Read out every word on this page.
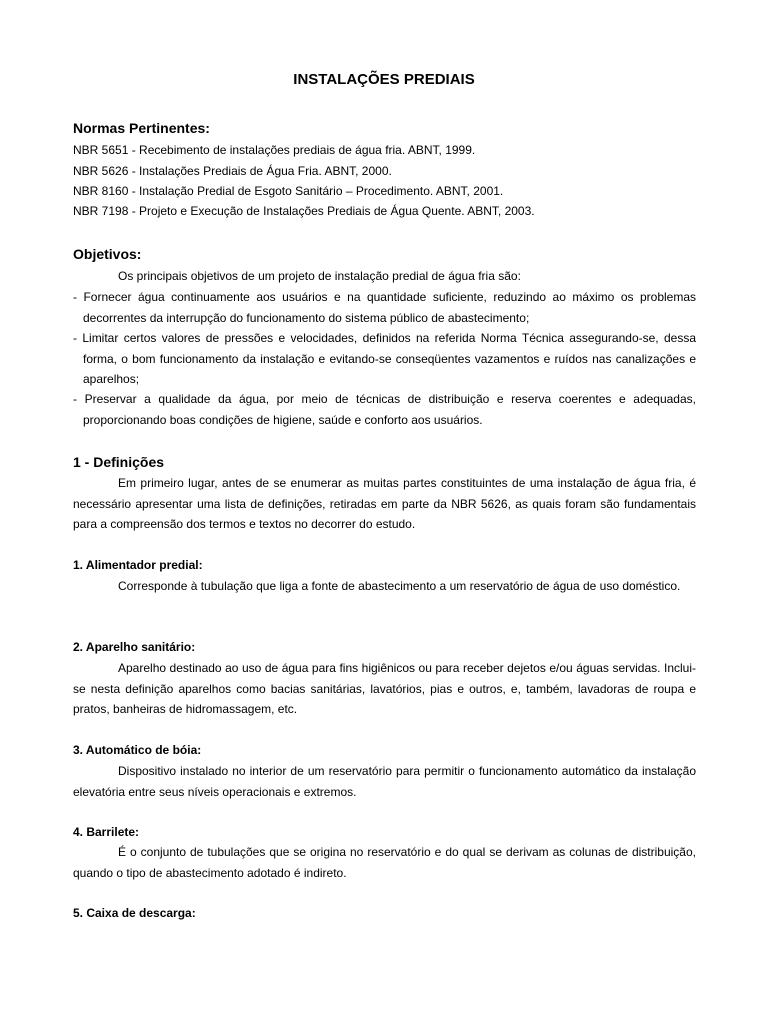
INSTALAÇÕES PREDIAIS
Normas Pertinentes:
NBR 5651 - Recebimento de instalações prediais de água fria. ABNT, 1999.
NBR 5626 - Instalações Prediais de Água Fria. ABNT, 2000.
NBR 8160 - Instalação Predial de Esgoto Sanitário – Procedimento. ABNT, 2001.
NBR 7198 - Projeto e Execução de Instalações Prediais de Água Quente. ABNT, 2003.
Objetivos:
Os principais objetivos de um projeto de instalação predial de água fria são:
- Fornecer água continuamente aos usuários e na quantidade suficiente, reduzindo ao máximo os problemas decorrentes da interrupção do funcionamento do sistema público de abastecimento;
- Limitar certos valores de pressões e velocidades, definidos na referida Norma Técnica assegurando-se, dessa forma, o bom funcionamento da instalação e evitando-se conseqüentes vazamentos e ruídos nas canalizações e aparelhos;
- Preservar a qualidade da água, por meio de técnicas de distribuição e reserva coerentes e adequadas, proporcionando boas condições de higiene, saúde e conforto aos usuários.
1 - Definições
Em primeiro lugar, antes de se enumerar as muitas partes constituintes de uma instalação de água fria, é necessário apresentar uma lista de definições, retiradas em parte da NBR 5626, as quais foram são fundamentais para a compreensão dos termos e textos no decorrer do estudo.
1. Alimentador predial:
Corresponde à tubulação que liga a fonte de abastecimento a um reservatório de água de uso doméstico.
2. Aparelho sanitário:
Aparelho destinado ao uso de água para fins higiênicos ou para receber dejetos e/ou águas servidas. Inclui-se nesta definição aparelhos como bacias sanitárias, lavatórios, pias e outros, e, também, lavadoras de roupa e pratos, banheiras de hidromassagem, etc.
3. Automático de bóia:
Dispositivo instalado no interior de um reservatório para permitir o funcionamento automático da instalação elevatória entre seus níveis operacionais e extremos.
4. Barrilete:
É o conjunto de tubulações que se origina no reservatório e do qual se derivam as colunas de distribuição, quando o tipo de abastecimento adotado é indireto.
5. Caixa de descarga:
